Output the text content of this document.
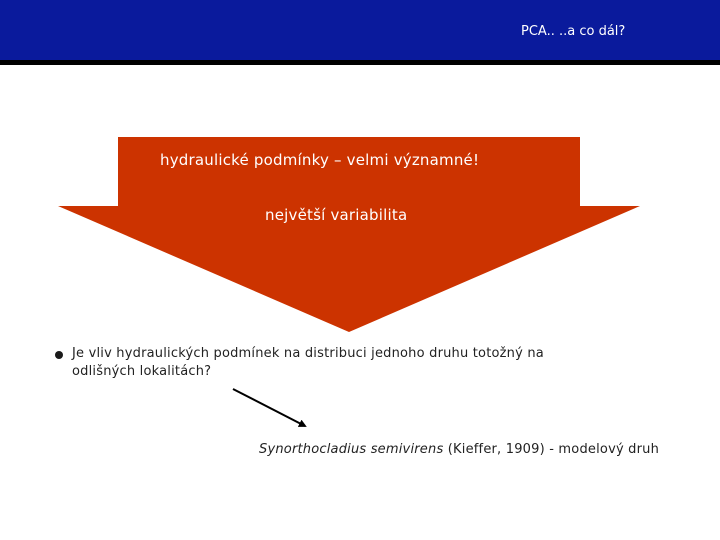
PCA.. ..a co dál?
hydraulické podmínky – velmi významné!
největší variabilita
Je vliv hydraulických podmínek na distribuci jednoho druhu totožný na
odlišných lokalitách?
Synorthocladius semivirens (Kieffer, 1909) - modelový druh
